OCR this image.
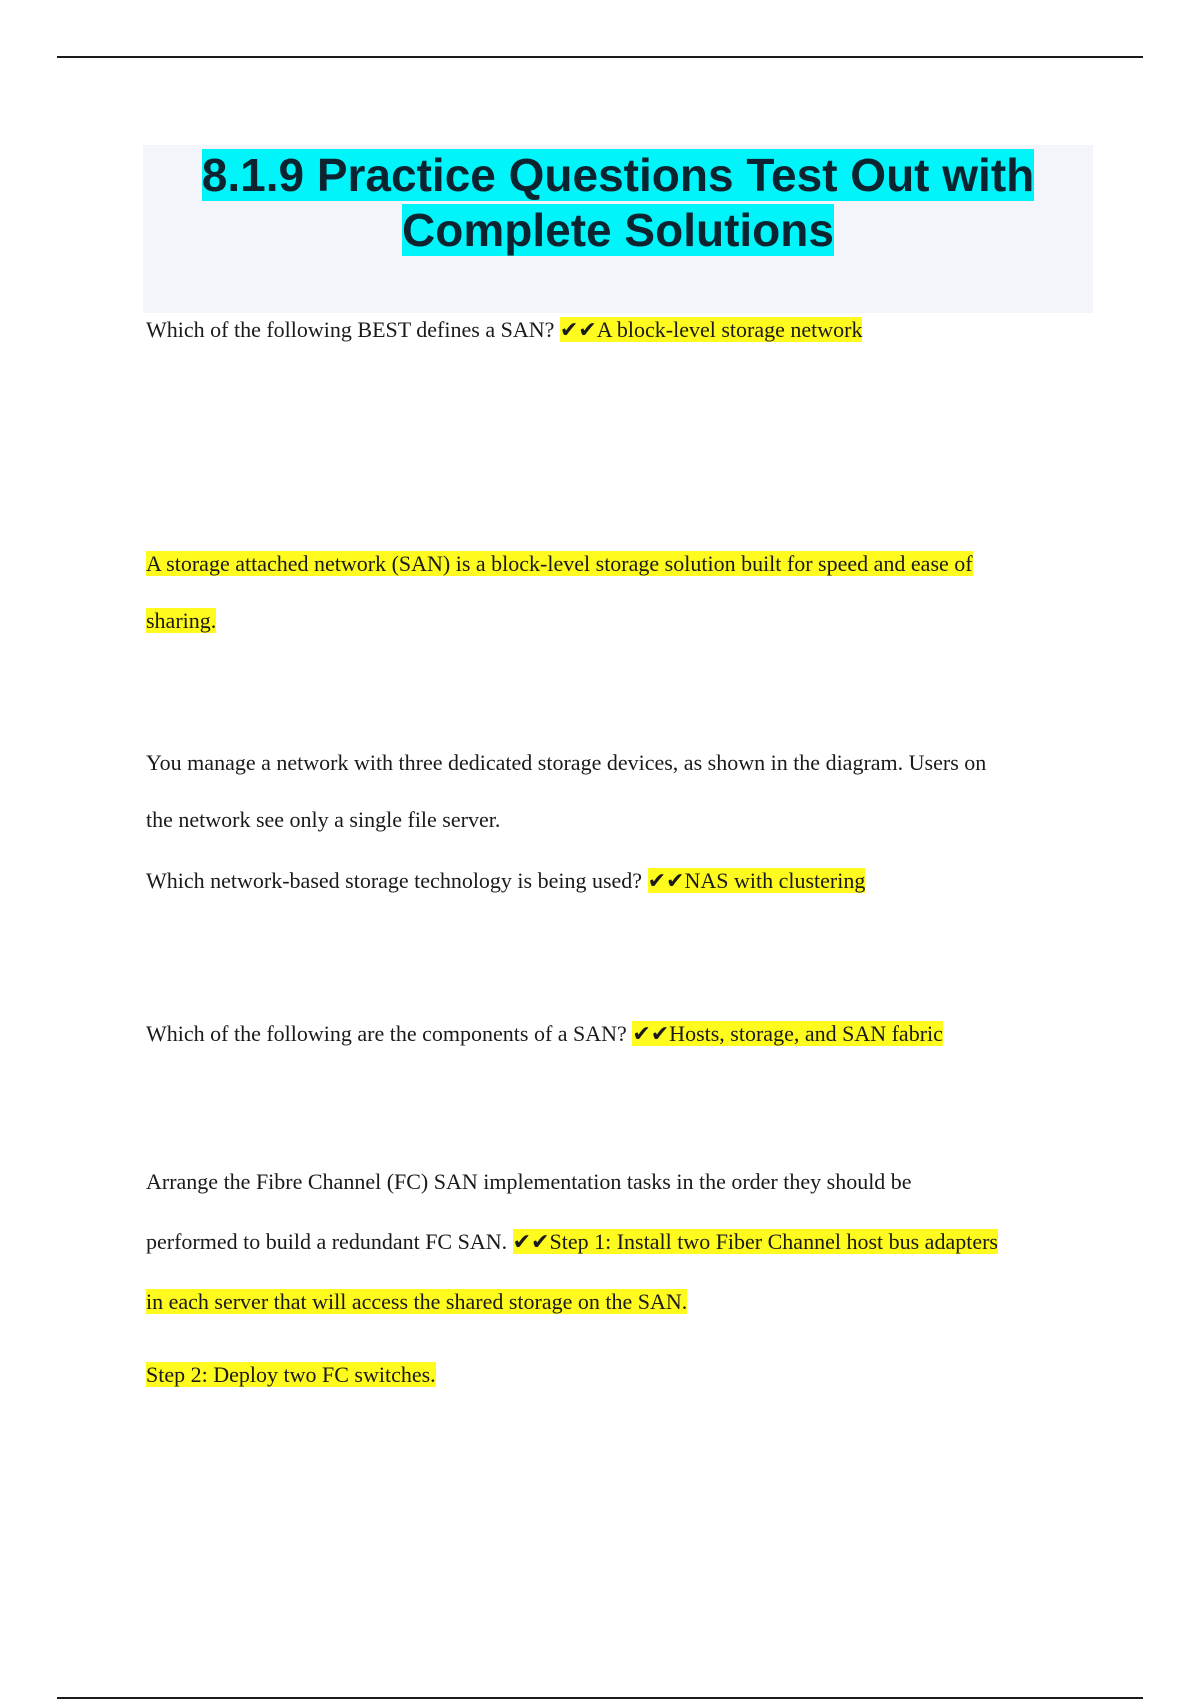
8.1.9 Practice Questions Test Out with
Complete Solutions

Which of the following BEST defines a SAN? ✔✔A block-level storage network

A storage attached network (SAN) is a block-level storage solution built for speed and ease of
sharing.

You manage a network with three dedicated storage devices, as shown in the diagram. Users on
the network see only a single file server.

Which network-based storage technology is being used? ✔✔NAS with clustering

Which of the following are the components of a SAN? ✔✔Hosts, storage, and SAN fabric

Arrange the Fibre Channel (FC) SAN implementation tasks in the order they should be
performed to build a redundant FC SAN. ✔✔Step 1: Install two Fiber Channel host bus adapters
in each server that will access the shared storage on the SAN.

Step 2: Deploy two FC switches.
